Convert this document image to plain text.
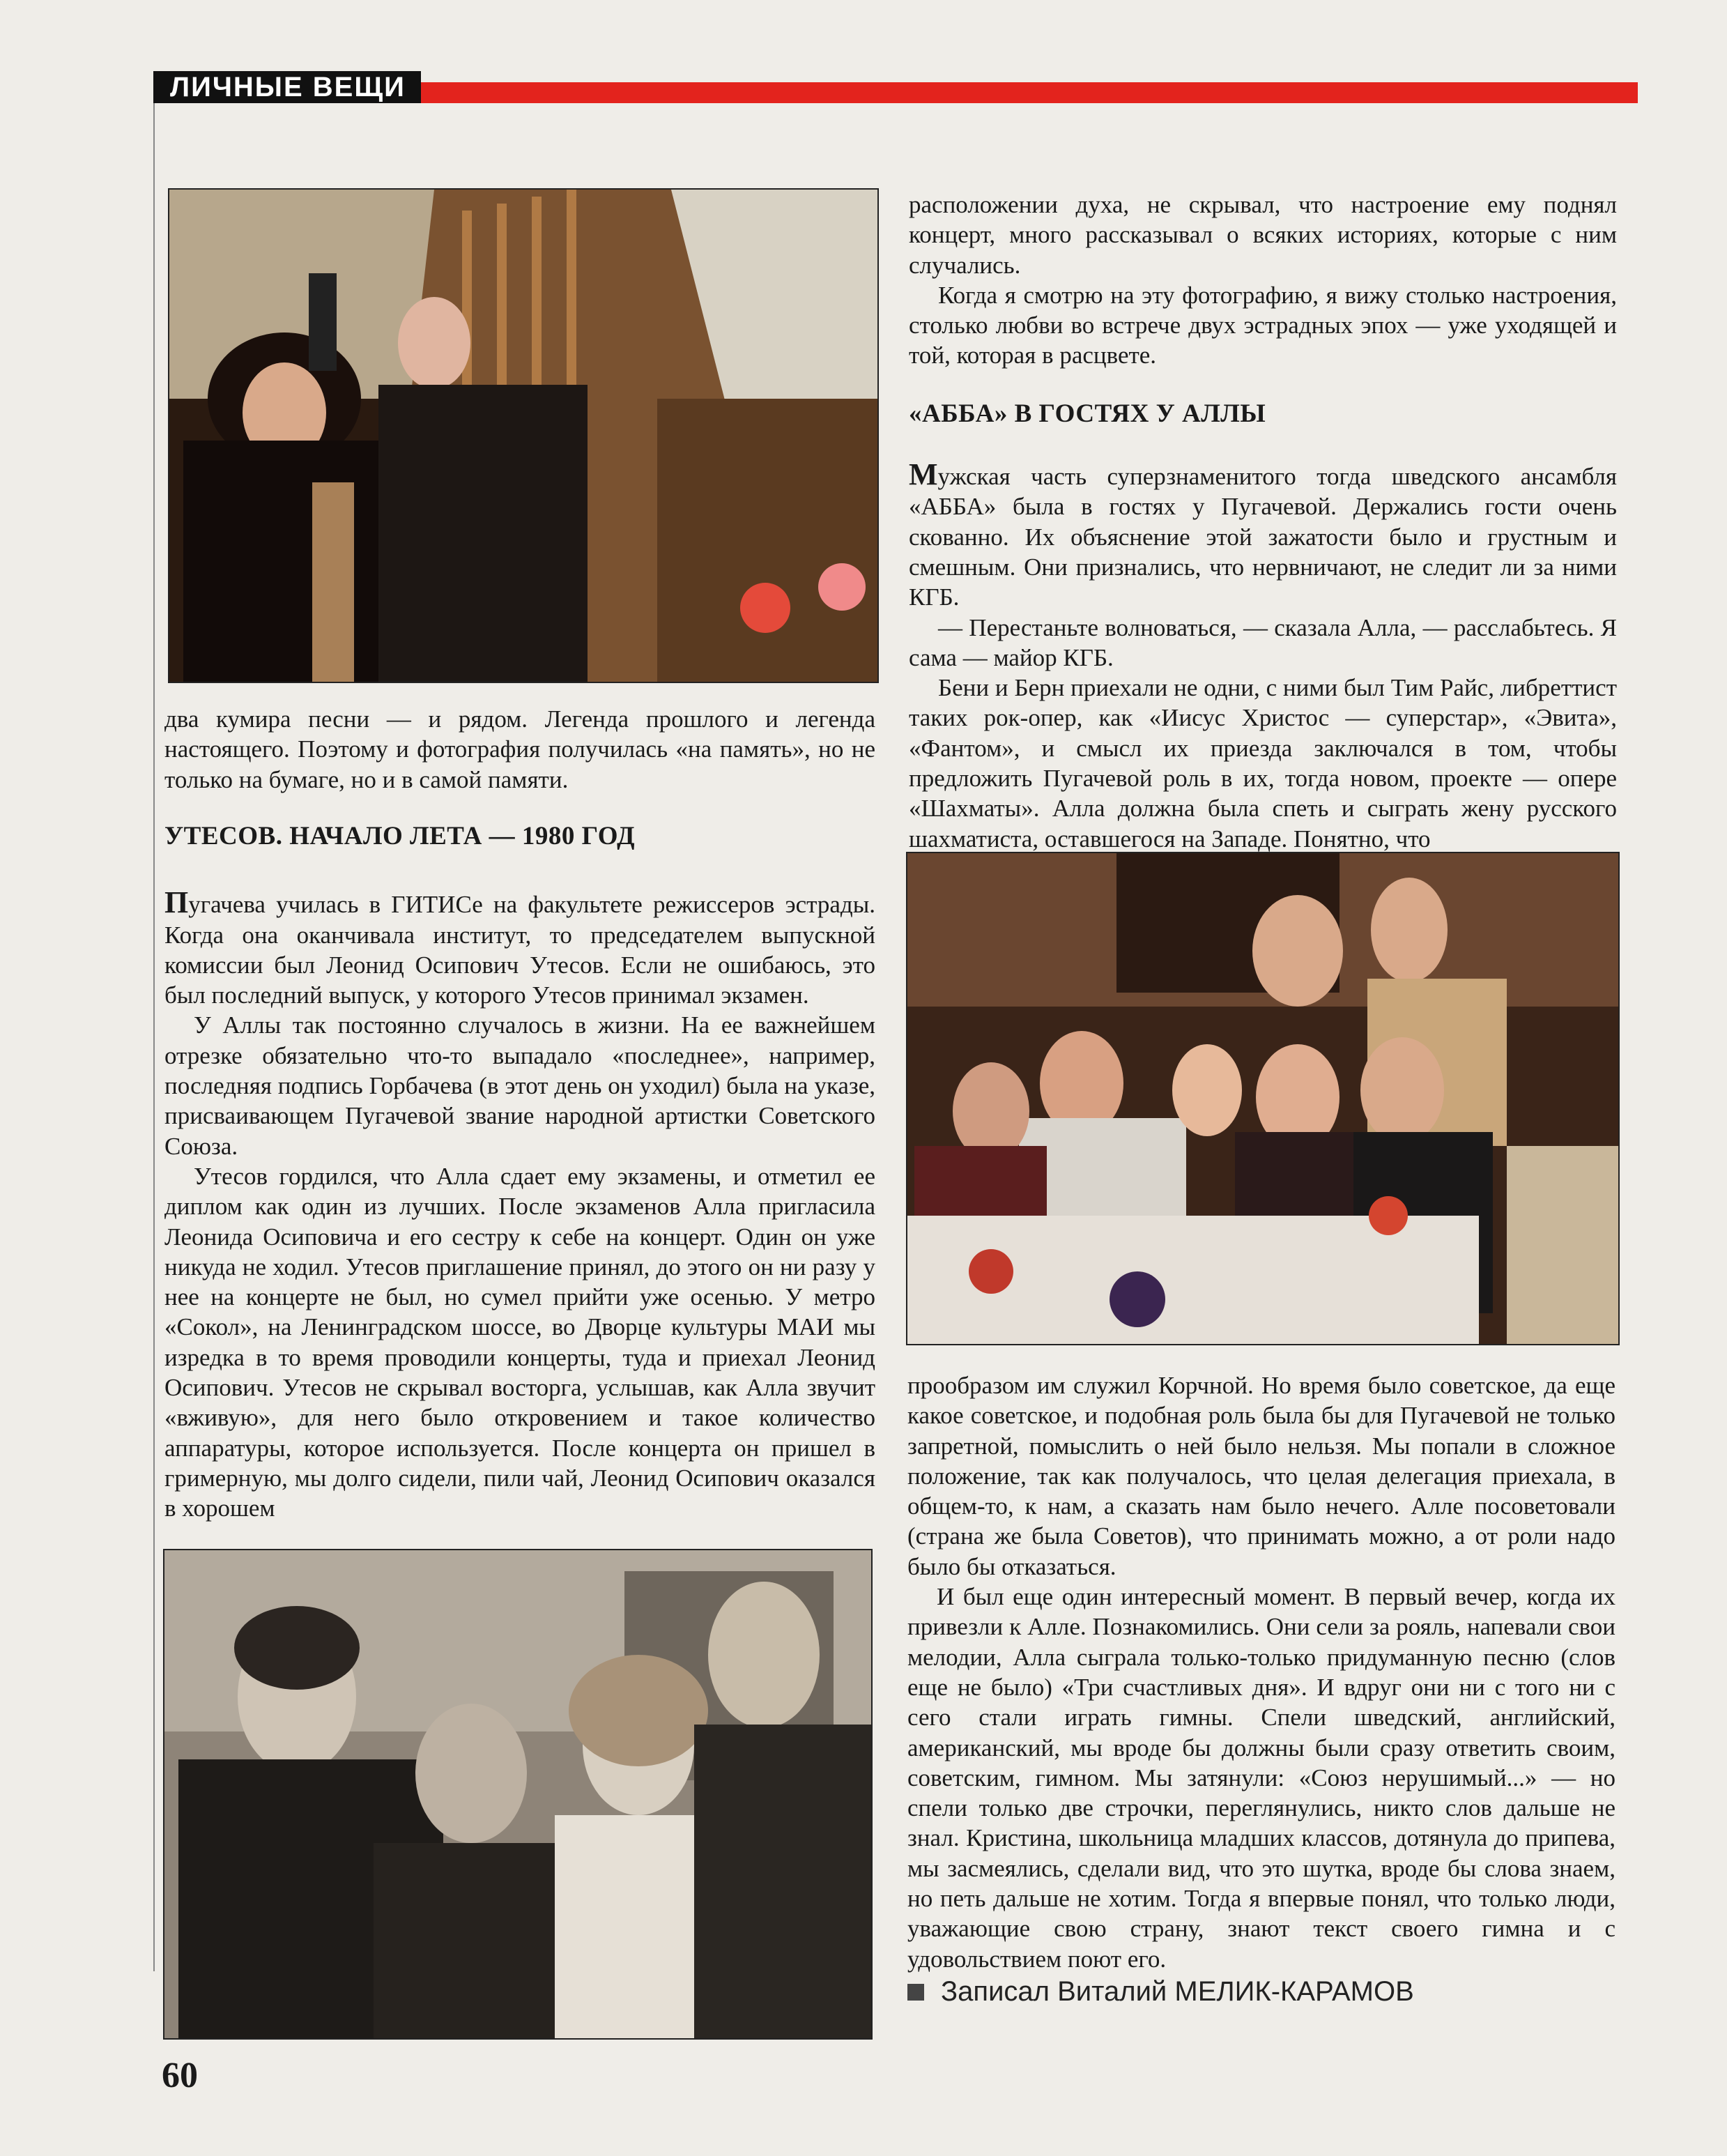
ЛИЧНЫЕ ВЕЩИ

два кумира песни — и рядом. Легенда прошлого и легенда настоящего. Поэтому и фотография получилась «на память», но не только на бумаге, но и в самой памяти.

УТЕСОВ. НАЧАЛО ЛЕТА — 1980 ГОД

Пугачева училась в ГИТИСе на факультете режиссеров эстрады. Когда она оканчивала институт, то председателем выпускной комиссии был Леонид Осипович Утесов. Если не ошибаюсь, это был последний выпуск, у которого Утесов принимал экзамен.

У Аллы так постоянно случалось в жизни. На ее важнейшем отрезке обязательно что-то выпадало «последнее», например, последняя подпись Горбачева (в этот день он уходил) была на указе, присваивающем Пугачевой звание народной артистки Советского Союза.

Утесов гордился, что Алла сдает ему экзамены, и отметил ее диплом как один из лучших. После экзаменов Алла пригласила Леонида Осиповича и его сестру к себе на концерт. Один он уже никуда не ходил. Утесов приглашение принял, до этого он ни разу у нее на концерте не был, но сумел прийти уже осенью. У метро «Сокол», на Ленинградском шоссе, во Дворце культуры МАИ мы изредка в то время проводили концерты, туда и приехал Леонид Осипович. Утесов не скрывал восторга, услышав, как Алла звучит «вживую», для него было откровением и такое количество аппаратуры, которое используется. После концерта он пришел в гримерную, мы долго сидели, пили чай, Леонид Осипович оказался в хорошем

расположении духа, не скрывал, что настроение ему поднял концерт, много рассказывал о всяких историях, которые с ним случались.

Когда я смотрю на эту фотографию, я вижу столько настроения, столько любви во встрече двух эстрадных эпох — уже уходящей и той, которая в расцвете.

«АББА» В ГОСТЯХ У АЛЛЫ

Мужская часть суперзнаменитого тогда шведского ансамбля «АББА» была в гостях у Пугачевой. Держались гости очень скованно. Их объяснение этой зажатости было и грустным и смешным. Они признались, что нервничают, не следит ли за ними КГБ.

— Перестаньте волноваться, — сказала Алла, — расслабьтесь. Я сама — майор КГБ.

Бени и Берн приехали не одни, с ними был Тим Райс, либреттист таких рок-опер, как «Иисус Христос — суперстар», «Эвита», «Фантом», и смысл их приезда заключался в том, чтобы предложить Пугачевой роль в их, тогда новом, проекте — опере «Шахматы». Алла должна была спеть и сыграть жену русского шахматиста, оставшегося на Западе. Понятно, что

прообразом им служил Корчной. Но время было советское, да еще какое советское, и подобная роль была бы для Пугачевой не только запретной, помыслить о ней было нельзя. Мы попали в сложное положение, так как получалось, что целая делегация приехала, в общем-то, к нам, а сказать нам было нечего. Алле посоветовали (страна же была Советов), что принимать можно, а от роли надо было бы отказаться.

И был еще один интересный момент. В первый вечер, когда их привезли к Алле. Познакомились. Они сели за рояль, напевали свои мелодии, Алла сыграла только-только придуманную песню (слов еще не было) «Три счастливых дня». И вдруг они ни с того ни с сего стали играть гимны. Спели шведский, английский, американский, мы вроде бы должны были сразу ответить своим, советским, гимном. Мы затянули: «Союз нерушимый...» — но спели только две строчки, переглянулись, никто слов дальше не знал. Кристина, школьница младших классов, дотянула до припева, мы засмеялись, сделали вид, что это шутка, вроде бы слова знаем, но петь дальше не хотим. Тогда я впервые понял, что только люди, уважающие свою страну, знают текст своего гимна и с удовольствием поют его.

Записал Виталий МЕЛИК-КАРАМОВ
60
